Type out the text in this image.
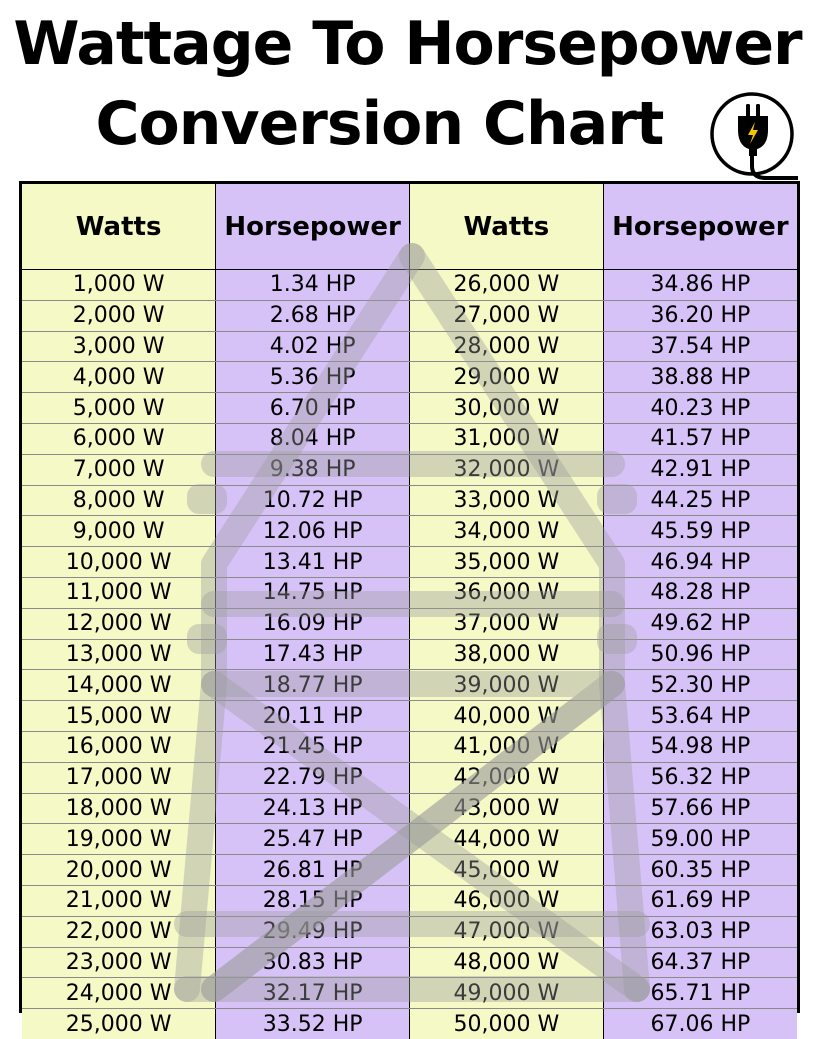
Wattage To Horsepower
Conversion Chart
Watts	Horsepower	Watts	Horsepower
1,000 W	1.34 HP	26,000 W	34.86 HP
2,000 W	2.68 HP	27,000 W	36.20 HP
3,000 W	4.02 HP	28,000 W	37.54 HP
4,000 W	5.36 HP	29,000 W	38.88 HP
5,000 W	6.70 HP	30,000 W	40.23 HP
6,000 W	8.04 HP	31,000 W	41.57 HP
7,000 W	9.38 HP	32,000 W	42.91 HP
8,000 W	10.72 HP	33,000 W	44.25 HP
9,000 W	12.06 HP	34,000 W	45.59 HP
10,000 W	13.41 HP	35,000 W	46.94 HP
11,000 W	14.75 HP	36,000 W	48.28 HP
12,000 W	16.09 HP	37,000 W	49.62 HP
13,000 W	17.43 HP	38,000 W	50.96 HP
14,000 W	18.77 HP	39,000 W	52.30 HP
15,000 W	20.11 HP	40,000 W	53.64 HP
16,000 W	21.45 HP	41,000 W	54.98 HP
17,000 W	22.79 HP	42,000 W	56.32 HP
18,000 W	24.13 HP	43,000 W	57.66 HP
19,000 W	25.47 HP	44,000 W	59.00 HP
20,000 W	26.81 HP	45,000 W	60.35 HP
21,000 W	28.15 HP	46,000 W	61.69 HP
22,000 W	29.49 HP	47,000 W	63.03 HP
23,000 W	30.83 HP	48,000 W	64.37 HP
24,000 W	32.17 HP	49,000 W	65.71 HP
25,000 W	33.52 HP	50,000 W	67.06 HP
